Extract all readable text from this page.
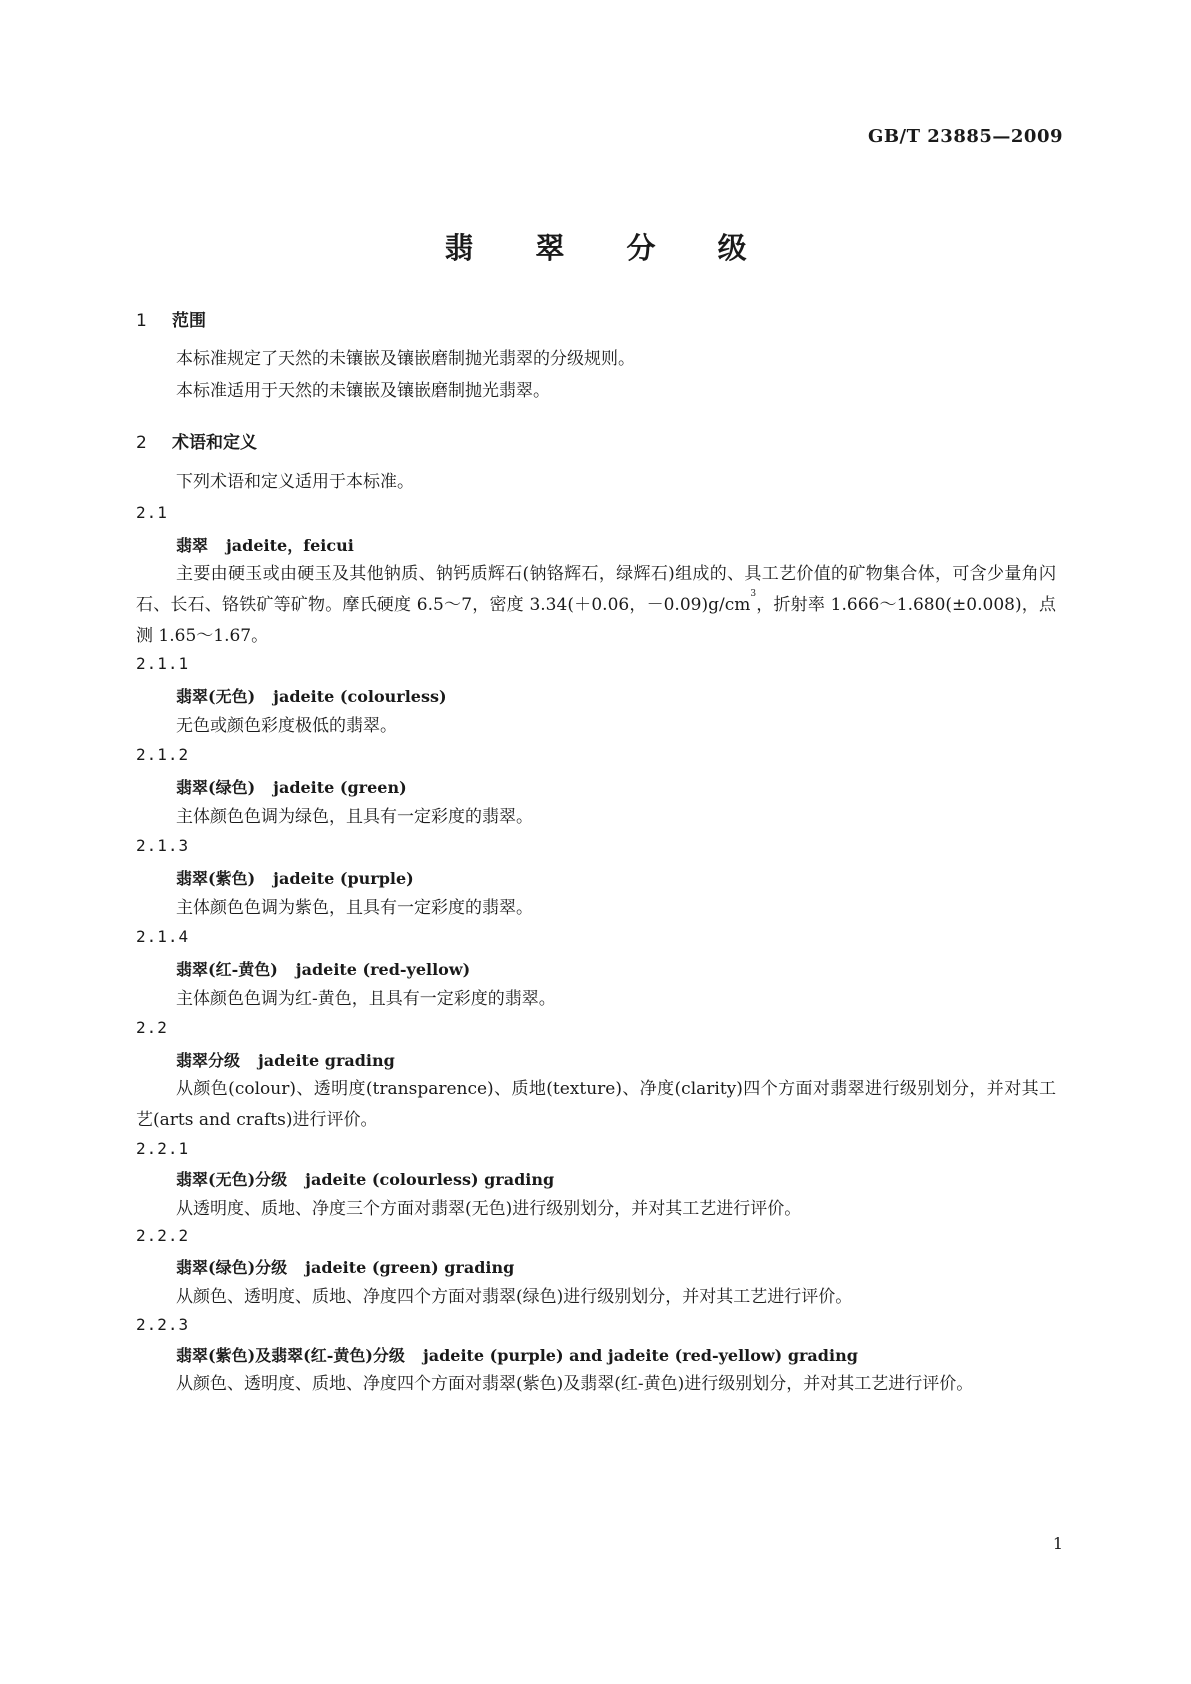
GB/T 23885—2009
翡 翠 分 级
1 范围
本标准规定了天然的未镶嵌及镶嵌磨制抛光翡翠的分级规则。
本标准适用于天然的未镶嵌及镶嵌磨制抛光翡翠。
2 术语和定义
下列术语和定义适用于本标准。
2.1
翡翠 jadeite，feicui
主要由硬玉或由硬玉及其他钠质、钠钙质辉石(钠铬辉石，绿辉石)组成的、具工艺价值的矿物集合体，可含少量角闪石、长石、铬铁矿等矿物。摩氏硬度 6.5～7，密度 3.34(＋0.06，$-0.09)g/cm^3$，折射率 1.666～1.680(±0.008)，点测 1.65～1.67。
2.1.1
翡翠(无色) jadeite (colourless)
无色或颜色彩度极低的翡翠。
2.1.2
翡翠(绿色) jadeite (green)
主体颜色色调为绿色，且具有一定彩度的翡翠。
2.1.3
翡翠(紫色) jadeite (purple)
主体颜色色调为紫色，且具有一定彩度的翡翠。
2.1.4
翡翠(红-黄色) jadeite (red-yellow)
主体颜色色调为红-黄色，且具有一定彩度的翡翠。
2.2
翡翠分级 jadeite grading
从颜色(colour)、透明度(transparence)、质地(texture)、净度(clarity)四个方面对翡翠进行级别划分，并对其工艺(arts and crafts)进行评价。
2.2.1
翡翠(无色)分级 jadeite (colourless) grading
从透明度、质地、净度三个方面对翡翠(无色)进行级别划分，并对其工艺进行评价。
2.2.2
翡翠(绿色)分级 jadeite (green) grading
从颜色、透明度、质地、净度四个方面对翡翠(绿色)进行级别划分，并对其工艺进行评价。
2.2.3
翡翠(紫色)及翡翠(红-黄色)分级 jadeite (purple) and jadeite (red-yellow) grading
从颜色、透明度、质地、净度四个方面对翡翠(紫色)及翡翠(红-黄色)进行级别划分，并对其工艺进行评价。
1
